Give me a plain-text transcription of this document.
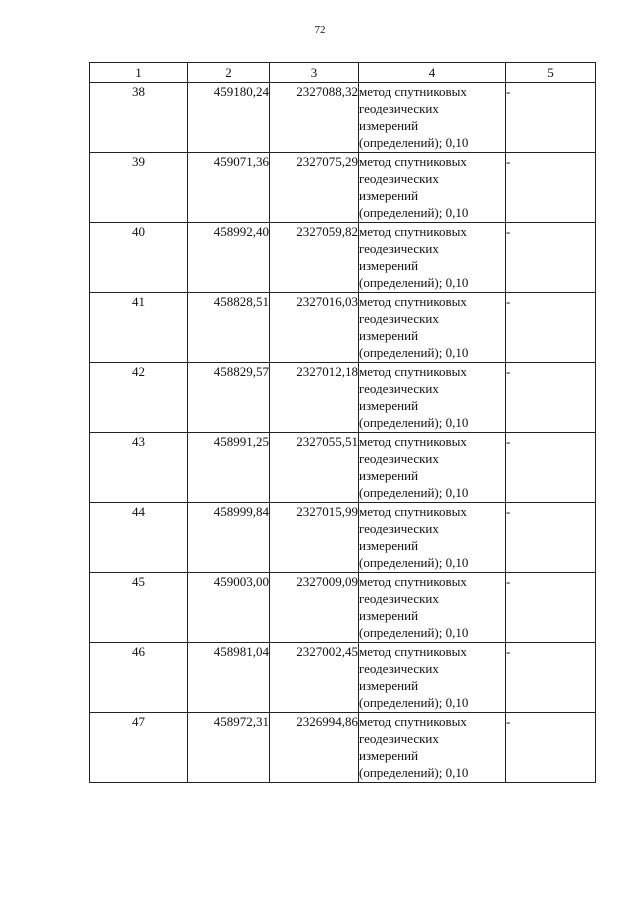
72
1	2	3	4	5
38	459180,24	2327088,32	метод спутниковых
геодезических
измерений
(определений); 0,10	-
39	459071,36	2327075,29	метод спутниковых
геодезических
измерений
(определений); 0,10	-
40	458992,40	2327059,82	метод спутниковых
геодезических
измерений
(определений); 0,10	-
41	458828,51	2327016,03	метод спутниковых
геодезических
измерений
(определений); 0,10	-
42	458829,57	2327012,18	метод спутниковых
геодезических
измерений
(определений); 0,10	-
43	458991,25	2327055,51	метод спутниковых
геодезических
измерений
(определений); 0,10	-
44	458999,84	2327015,99	метод спутниковых
геодезических
измерений
(определений); 0,10	-
45	459003,00	2327009,09	метод спутниковых
геодезических
измерений
(определений); 0,10	-
46	458981,04	2327002,45	метод спутниковых
геодезических
измерений
(определений); 0,10	-
47	458972,31	2326994,86	метод спутниковых
геодезических
измерений
(определений); 0,10	-
